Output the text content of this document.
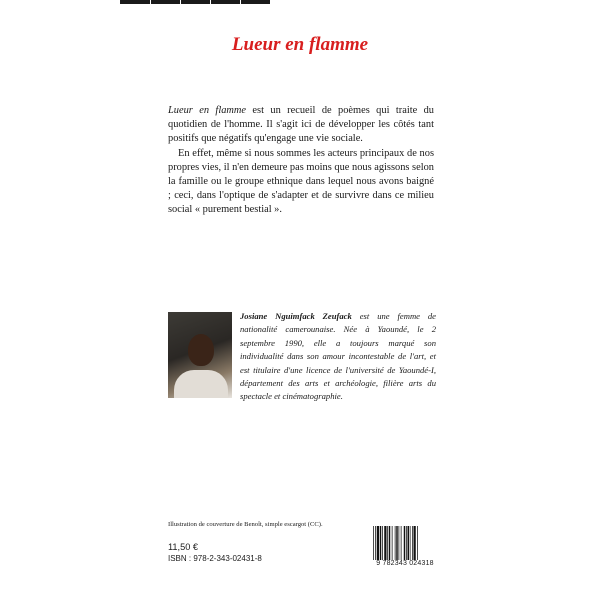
Lueur en flamme

Lueur en flamme est un recueil de poèmes qui traite du quotidien de l'homme. Il s'agit ici de développer les côtés tant positifs que négatifs qu'engage une vie sociale.

En effet, même si nous sommes les acteurs principaux de nos propres vies, il n'en demeure pas moins que nous agissons selon la famille ou le groupe ethnique dans lequel nous avons baigné ; ceci, dans l'optique de s'adapter et de survivre dans ce milieu social « purement bestial ».

Josiane Nguimfack Zeufack est une femme de nationalité camerounaise. Née à Yaoundé, le 2 septembre 1990, elle a toujours marqué son individualité dans son amour incontestable de l'art, et est titulaire d'une licence de l'université de Yaoundé-I, département des arts et archéologie, filière arts du spectacle et cinématographie.
Illustration de couverture de Benoît, simple escargot (CC).
11,50 €
ISBN : 978-2-343-02431-8
9 782343 024318
